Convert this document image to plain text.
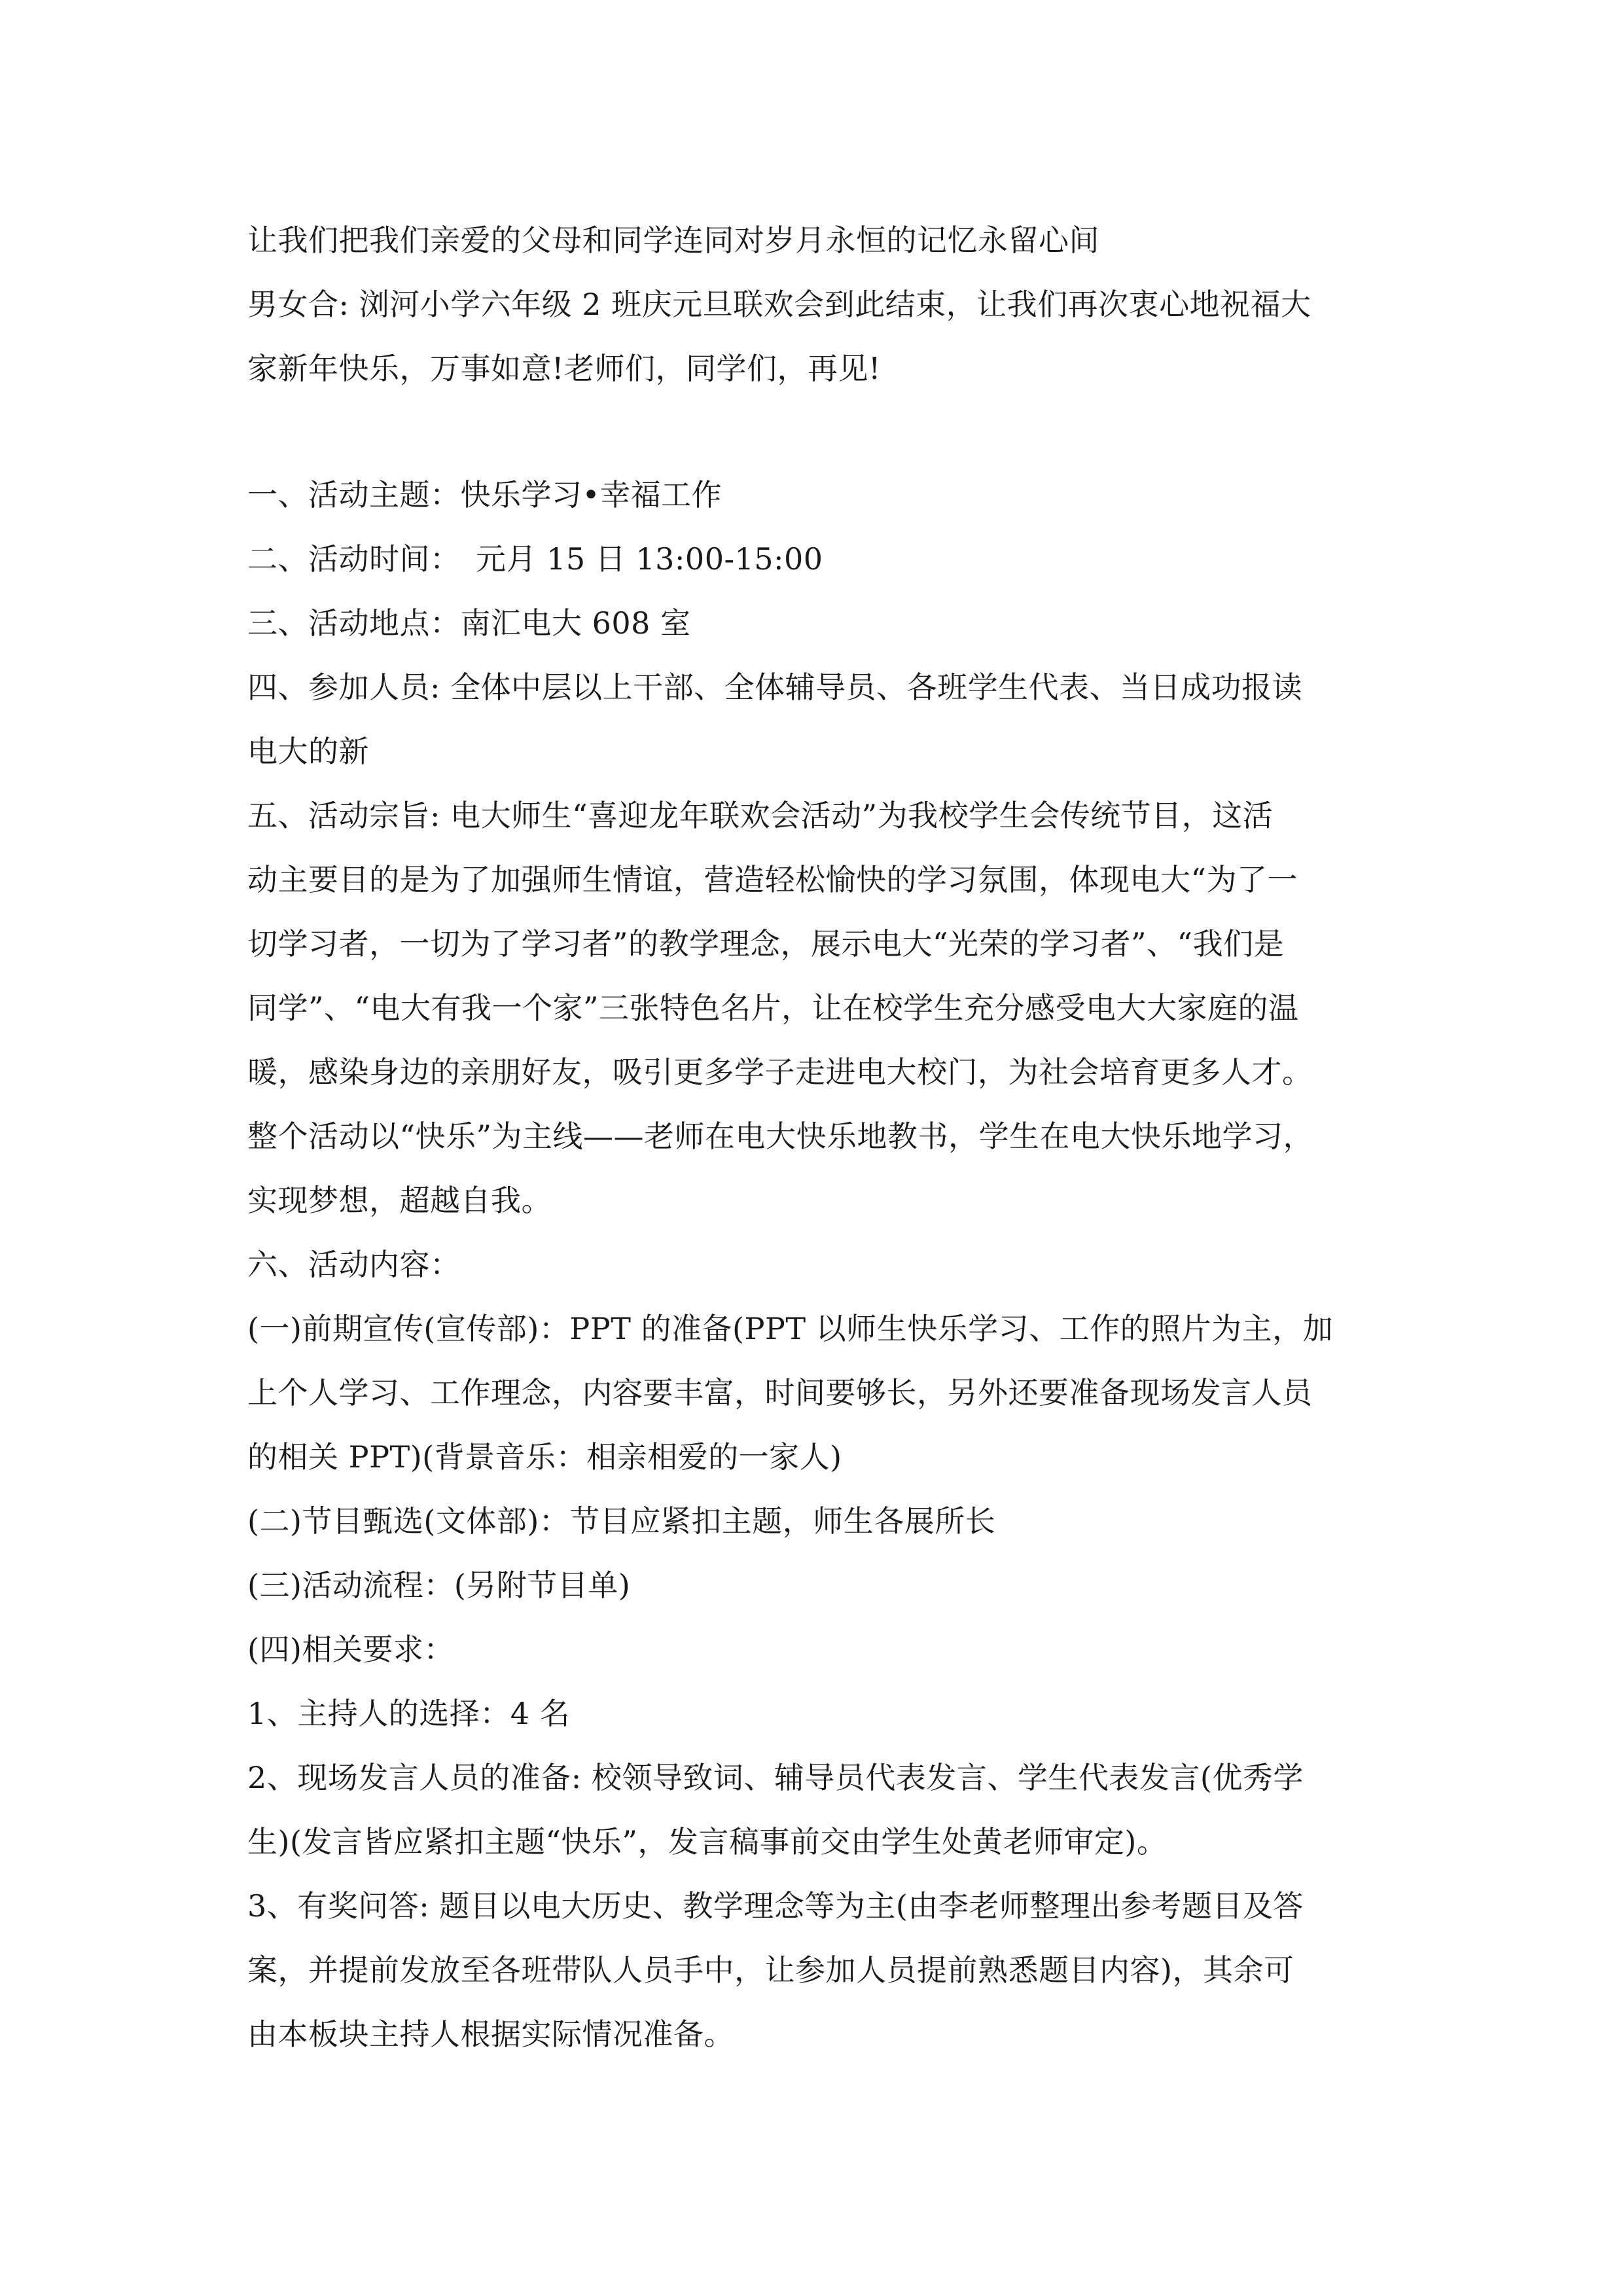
让我们把我们亲爱的父母和同学连同对岁月永恒的记忆永留心间
男女合: 浏河小学六年级 2 班庆元旦联欢会到此结束，让我们再次衷心地祝福大
家新年快乐，万事如意!老师们，同学们，再见!
一、活动主题：快乐学习•幸福工作
二、活动时间：　元月 15 日 13:00-15:00
三、活动地点：南汇电大 608 室
四、参加人员: 全体中层以上干部、全体辅导员、各班学生代表、当日成功报读
电大的新
五、活动宗旨: 电大师生“喜迎龙年联欢会活动”为我校学生会传统节目，这活
动主要目的是为了加强师生情谊，营造轻松愉快的学习氛围，体现电大“为了一
切学习者，一切为了学习者”的教学理念，展示电大“光荣的学习者”、“我们是
同学”、“电大有我一个家”三张特色名片，让在校学生充分感受电大大家庭的温
暖，感染身边的亲朋好友，吸引更多学子走进电大校门，为社会培育更多人才。
整个活动以“快乐”为主线——老师在电大快乐地教书，学生在电大快乐地学习，
实现梦想，超越自我。
六、活动内容：
(一)前期宣传(宣传部)：PPT 的准备(PPT 以师生快乐学习、工作的照片为主，加
上个人学习、工作理念，内容要丰富，时间要够长，另外还要准备现场发言人员
的相关 PPT)(背景音乐：相亲相爱的一家人)
(二)节目甄选(文体部)：节目应紧扣主题，师生各展所长
(三)活动流程：(另附节目单)
(四)相关要求：
1、主持人的选择：4 名
2、现场发言人员的准备: 校领导致词、辅导员代表发言、学生代表发言(优秀学
生)(发言皆应紧扣主题“快乐”，发言稿事前交由学生处黄老师审定)。
3、有奖问答: 题目以电大历史、教学理念等为主(由李老师整理出参考题目及答
案，并提前发放至各班带队人员手中，让参加人员提前熟悉题目内容)，其余可
由本板块主持人根据实际情况准备。
